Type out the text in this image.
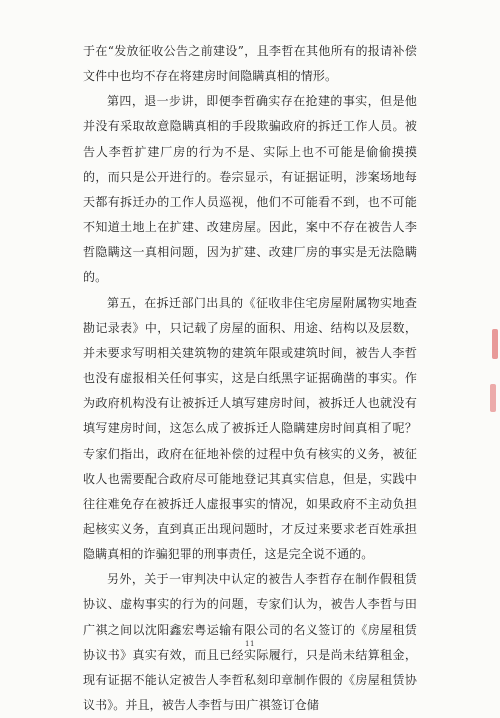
于在“发放征收公告之前建设”，且李哲在其他所有的报请补偿文件中也均不存在将建房时间隐瞒真相的情形。

第四，退一步讲，即便李哲确实存在抢建的事实，但是他并没有采取故意隐瞒真相的手段欺骗政府的拆迁工作人员。被告人李哲扩建厂房的行为不是、实际上也不可能是偷偷摸摸的，而只是公开进行的。卷宗显示，有证据证明，涉案场地每天都有拆迁办的工作人员巡视，他们不可能看不到，也不可能不知道土地上在扩建、改建房屋。因此，案中不存在被告人李哲隐瞒这一真相问题，因为扩建、改建厂房的事实是无法隐瞒的。

第五，在拆迁部门出具的《征收非住宅房屋附属物实地查勘记录表》中，只记载了房屋的面积、用途、结构以及层数，并未要求写明相关建筑物的建筑年限或建筑时间，被告人李哲也没有虚报相关任何事实，这是白纸黑字证据确凿的事实。作为政府机构没有让被拆迁人填写建房时间，被拆迁人也就没有填写建房时间，这怎么成了被拆迁人隐瞒建房时间真相了呢？专家们指出，政府在征地补偿的过程中负有核实的义务，被征收人也需要配合政府尽可能地登记其真实信息，但是，实践中往往难免存在被拆迁人虚报事实的情况，如果政府不主动负担起核实义务，直到真正出现问题时，才反过来要求老百姓承担隐瞒真相的诈骗犯罪的刑事责任，这是完全说不通的。

另外，关于一审判决中认定的被告人李哲存在制作假租赁协议、虚构事实的行为的问题，专家们认为，被告人李哲与田广祺之间以沈阳鑫宏粤运输有限公司的名义签订的《房屋租赁协议书》真实有效，而且已经实际履行，只是尚未结算租金，现有证据不能认定被告人李哲私刻印章制作假的《房屋租赁协议书》。并且，被告人李哲与田广祺签订仓储

11
